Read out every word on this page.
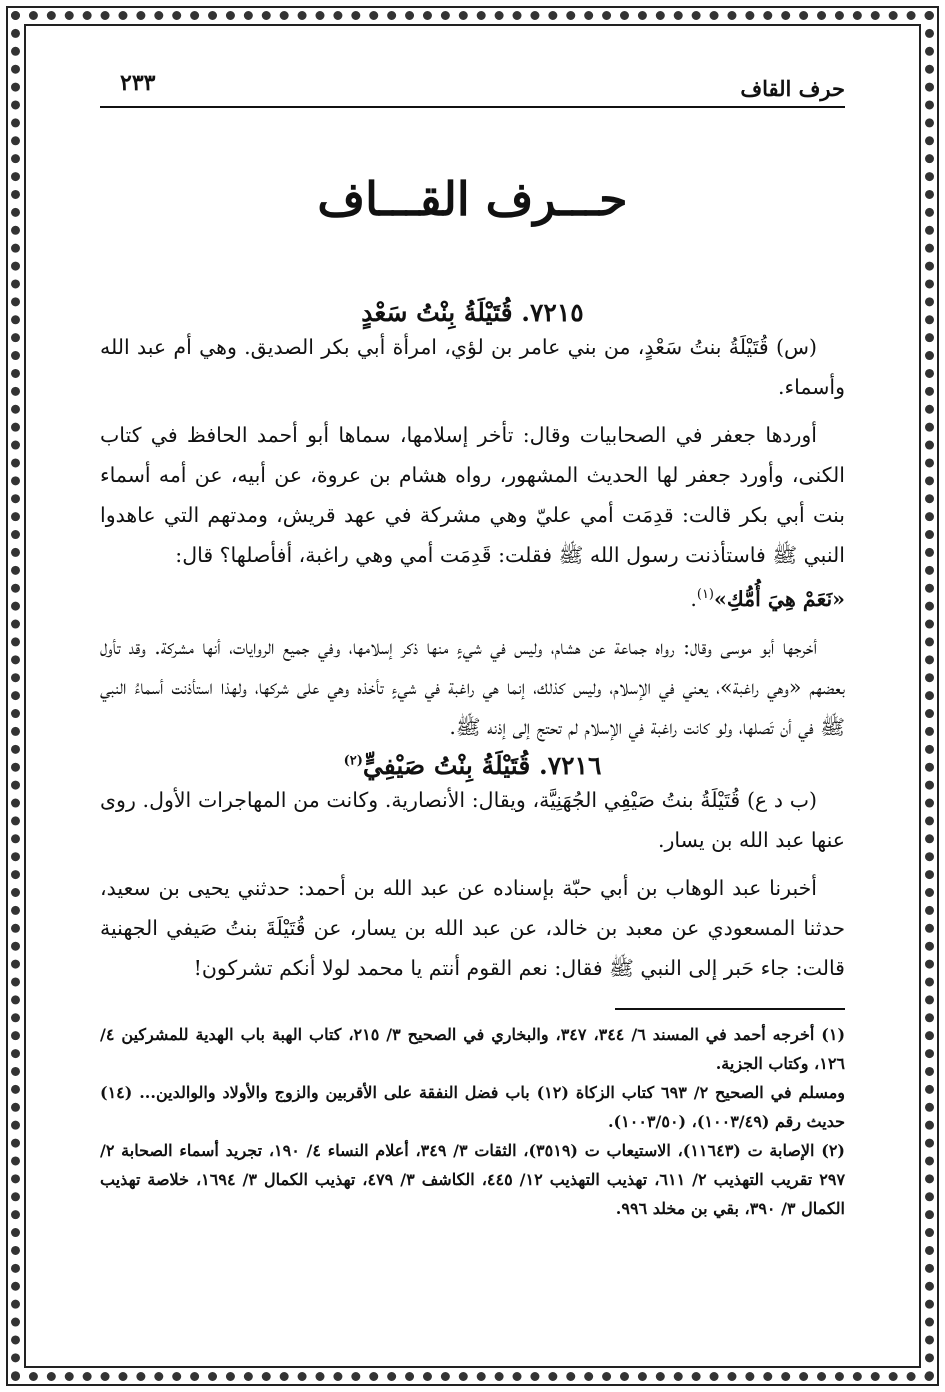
حرف القاف
٢٣٣
حـــرف القـــاف
٧٢١٥. قُتَيْلَةُ بِنْتُ سَعْدٍ

(س) قُتَيْلَةُ بنتُ سَعْدٍ، من بني عامر بن لؤي، امرأة أبي بكر الصديق. وهي أم عبد الله وأسماء.

أوردها جعفر في الصحابيات وقال: تأخر إسلامها، سماها أبو أحمد الحافظ في كتاب الكنى، وأورد جعفر لها الحديث المشهور، رواه هشام بن عروة، عن أبيه، عن أمه أسماء بنت أبي بكر قالت: قدِمَت أمي عليّ وهي مشركة في عهد قريش، ومدتهم التي عاهدوا النبي ﷺ فاستأذنت رسول الله ﷺ فقلت: قَدِمَت أمي وهي راغبة، أفأصلها؟ قال:

«نَعَمْ هِيَ أُمُّكِ»$^{(١)}$.

أخرجها أبو موسى وقال: رواه جماعة عن هشام، وليس في شيءٍ منها ذكر إسلامها، وفي جميع الروايات، أنها مشركة. وقد تأول بعضهم «وهي راغبة»، يعني في الإسلام، وليس كذلك، إنما هي راغبة في شيءٍ تأخذه وهي على شركها، ولهذا استأذنت أسماءُ النبي ﷺ في أن تَصلها، ولو كانت راغبة في الإسلام لم تحتج إلى إذنه ﷺ.

٧٢١٦. قُتَيْلَةُ بِنْتُ صَيْفِيٍّ$^{(٢)}$

(ب د ع) قُتَيْلَةُ بنتُ صَيْفِي الجُهَنِيَّة، ويقال: الأنصارية. وكانت من المهاجرات الأول. روى عنها عبد الله بن يسار.

أخبرنا عبد الوهاب بن أبي حبّة بإسناده عن عبد الله بن أحمد: حدثني يحيى بن سعيد، حدثنا المسعودي عن معبد بن خالد، عن عبد الله بن يسار، عن قُتَيْلَةَ بنتُ صَيفي الجهنية قالت: جاء حَبر إلى النبي ﷺ فقال: نعم القوم أنتم يا محمد لولا أنكم تشركون!

(١) أخرجه أحمد في المسند ٦/ ٣٤٤، ٣٤٧، والبخاري في الصحيح ٣/ ٢١٥، كتاب الهبة باب الهدية للمشركين ٤/ ١٢٦، وكتاب الجزية.
ومسلم في الصحيح ٢/ ٦٩٣ كتاب الزكاة (١٢) باب فضل النفقة على الأقربين والزوج والأولاد والوالدين... (١٤) حديث رقم (١٠٠٣/٤٩)، (١٠٠٣/٥٠).
(٢) الإصابة ت (١١٦٤٣)، الاستيعاب ت (٣٥١٩)، الثقات ٣/ ٣٤٩، أعلام النساء ٤/ ١٩٠، تجريد أسماء الصحابة ٢/ ٢٩٧ تقريب التهذيب ٢/ ٦١١، تهذيب التهذيب ١٢/ ٤٤٥، الكاشف ٣/ ٤٧٩، تهذيب الكمال ٣/ ١٦٩٤، خلاصة تهذيب الكمال ٣/ ٣٩٠، بقي بن مخلد ٩٩٦.
